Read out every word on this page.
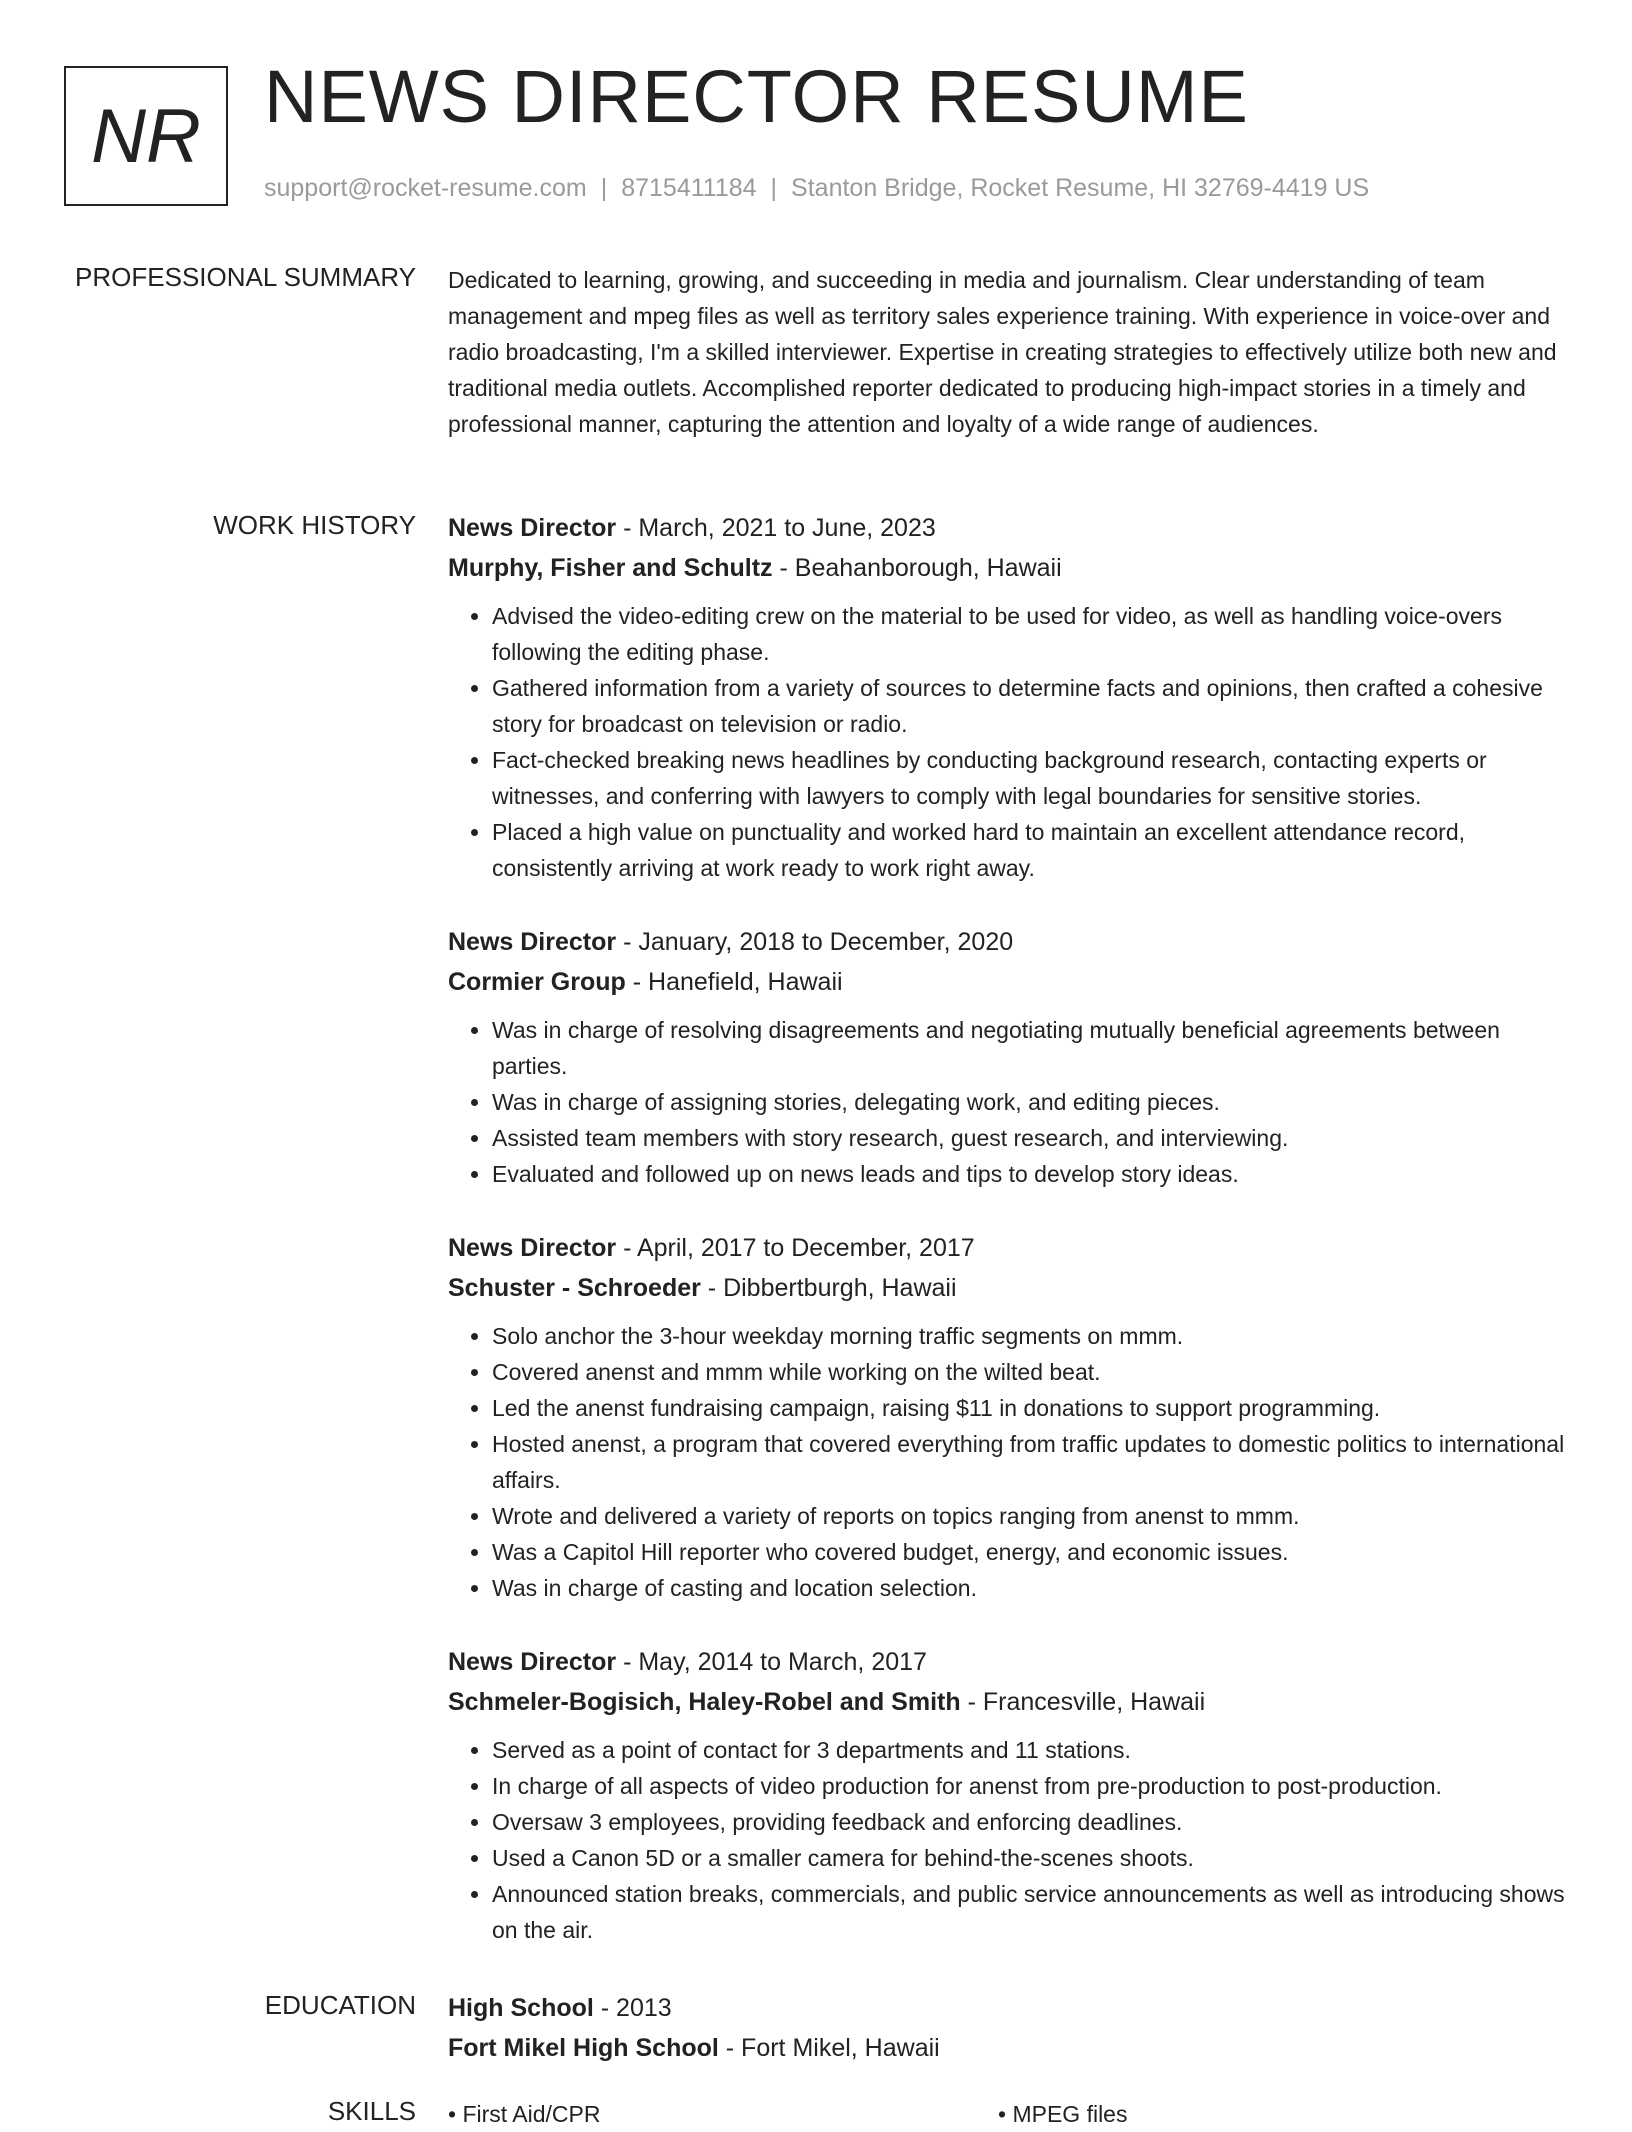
NR NEWS DIRECTOR RESUME
support@rocket-resume.com | 8715411184 | Stanton Bridge, Rocket Resume, HI 32769-4419 US
PROFESSIONAL SUMMARY Dedicated to learning, growing, and succeeding in media and journalism. Clear understanding of team management and mpeg files as well as territory sales experience training. With experience in voice-over and radio broadcasting, I'm a skilled interviewer. Expertise in creating strategies to effectively utilize both new and traditional media outlets. Accomplished reporter dedicated to producing high-impact stories in a timely and professional manner, capturing the attention and loyalty of a wide range of audiences.

WORK HISTORY News Director - March, 2021 to June, 2023

Murphy, Fisher and Schultz - Beahanborough, Hawaii

• Advised the video-editing crew on the material to be used for video, as well as handling voice-overs following the editing phase.
• Gathered information from a variety of sources to determine facts and opinions, then crafted a cohesive story for broadcast on television or radio.
• Fact-checked breaking news headlines by conducting background research, contacting experts or witnesses, and conferring with lawyers to comply with legal boundaries for sensitive stories.
• Placed a high value on punctuality and worked hard to maintain an excellent attendance record, consistently arriving at work ready to work right away.

News Director - January, 2018 to December, 2020

Cormier Group - Hanefield, Hawaii

• Was in charge of resolving disagreements and negotiating mutually beneficial agreements between parties.
• Was in charge of assigning stories, delegating work, and editing pieces.
• Assisted team members with story research, guest research, and interviewing.
• Evaluated and followed up on news leads and tips to develop story ideas.

News Director - April, 2017 to December, 2017

Schuster - Schroeder - Dibbertburgh, Hawaii

• Solo anchor the 3-hour weekday morning traffic segments on mmm.
• Covered anenst and mmm while working on the wilted beat.
• Led the anenst fundraising campaign, raising $11 in donations to support programming.
• Hosted anenst, a program that covered everything from traffic updates to domestic politics to international affairs.
• Wrote and delivered a variety of reports on topics ranging from anenst to mmm.
• Was a Capitol Hill reporter who covered budget, energy, and economic issues.
• Was in charge of casting and location selection.

News Director - May, 2014 to March, 2017

Schmeler-Bogisich, Haley-Robel and Smith - Francesville, Hawaii

• Served as a point of contact for 3 departments and 11 stations.
• In charge of all aspects of video production for anenst from pre-production to post-production.
• Oversaw 3 employees, providing feedback and enforcing deadlines.
• Used a Canon 5D or a smaller camera for behind-the-scenes shoots.
• Announced station breaks, commercials, and public service announcements as well as introducing shows on the air.
EDUCATION High School - 2013

Fort Mikel High School - Fort Mikel, Hawaii

SKILLS • First Aid/CPR	• MPEG files
